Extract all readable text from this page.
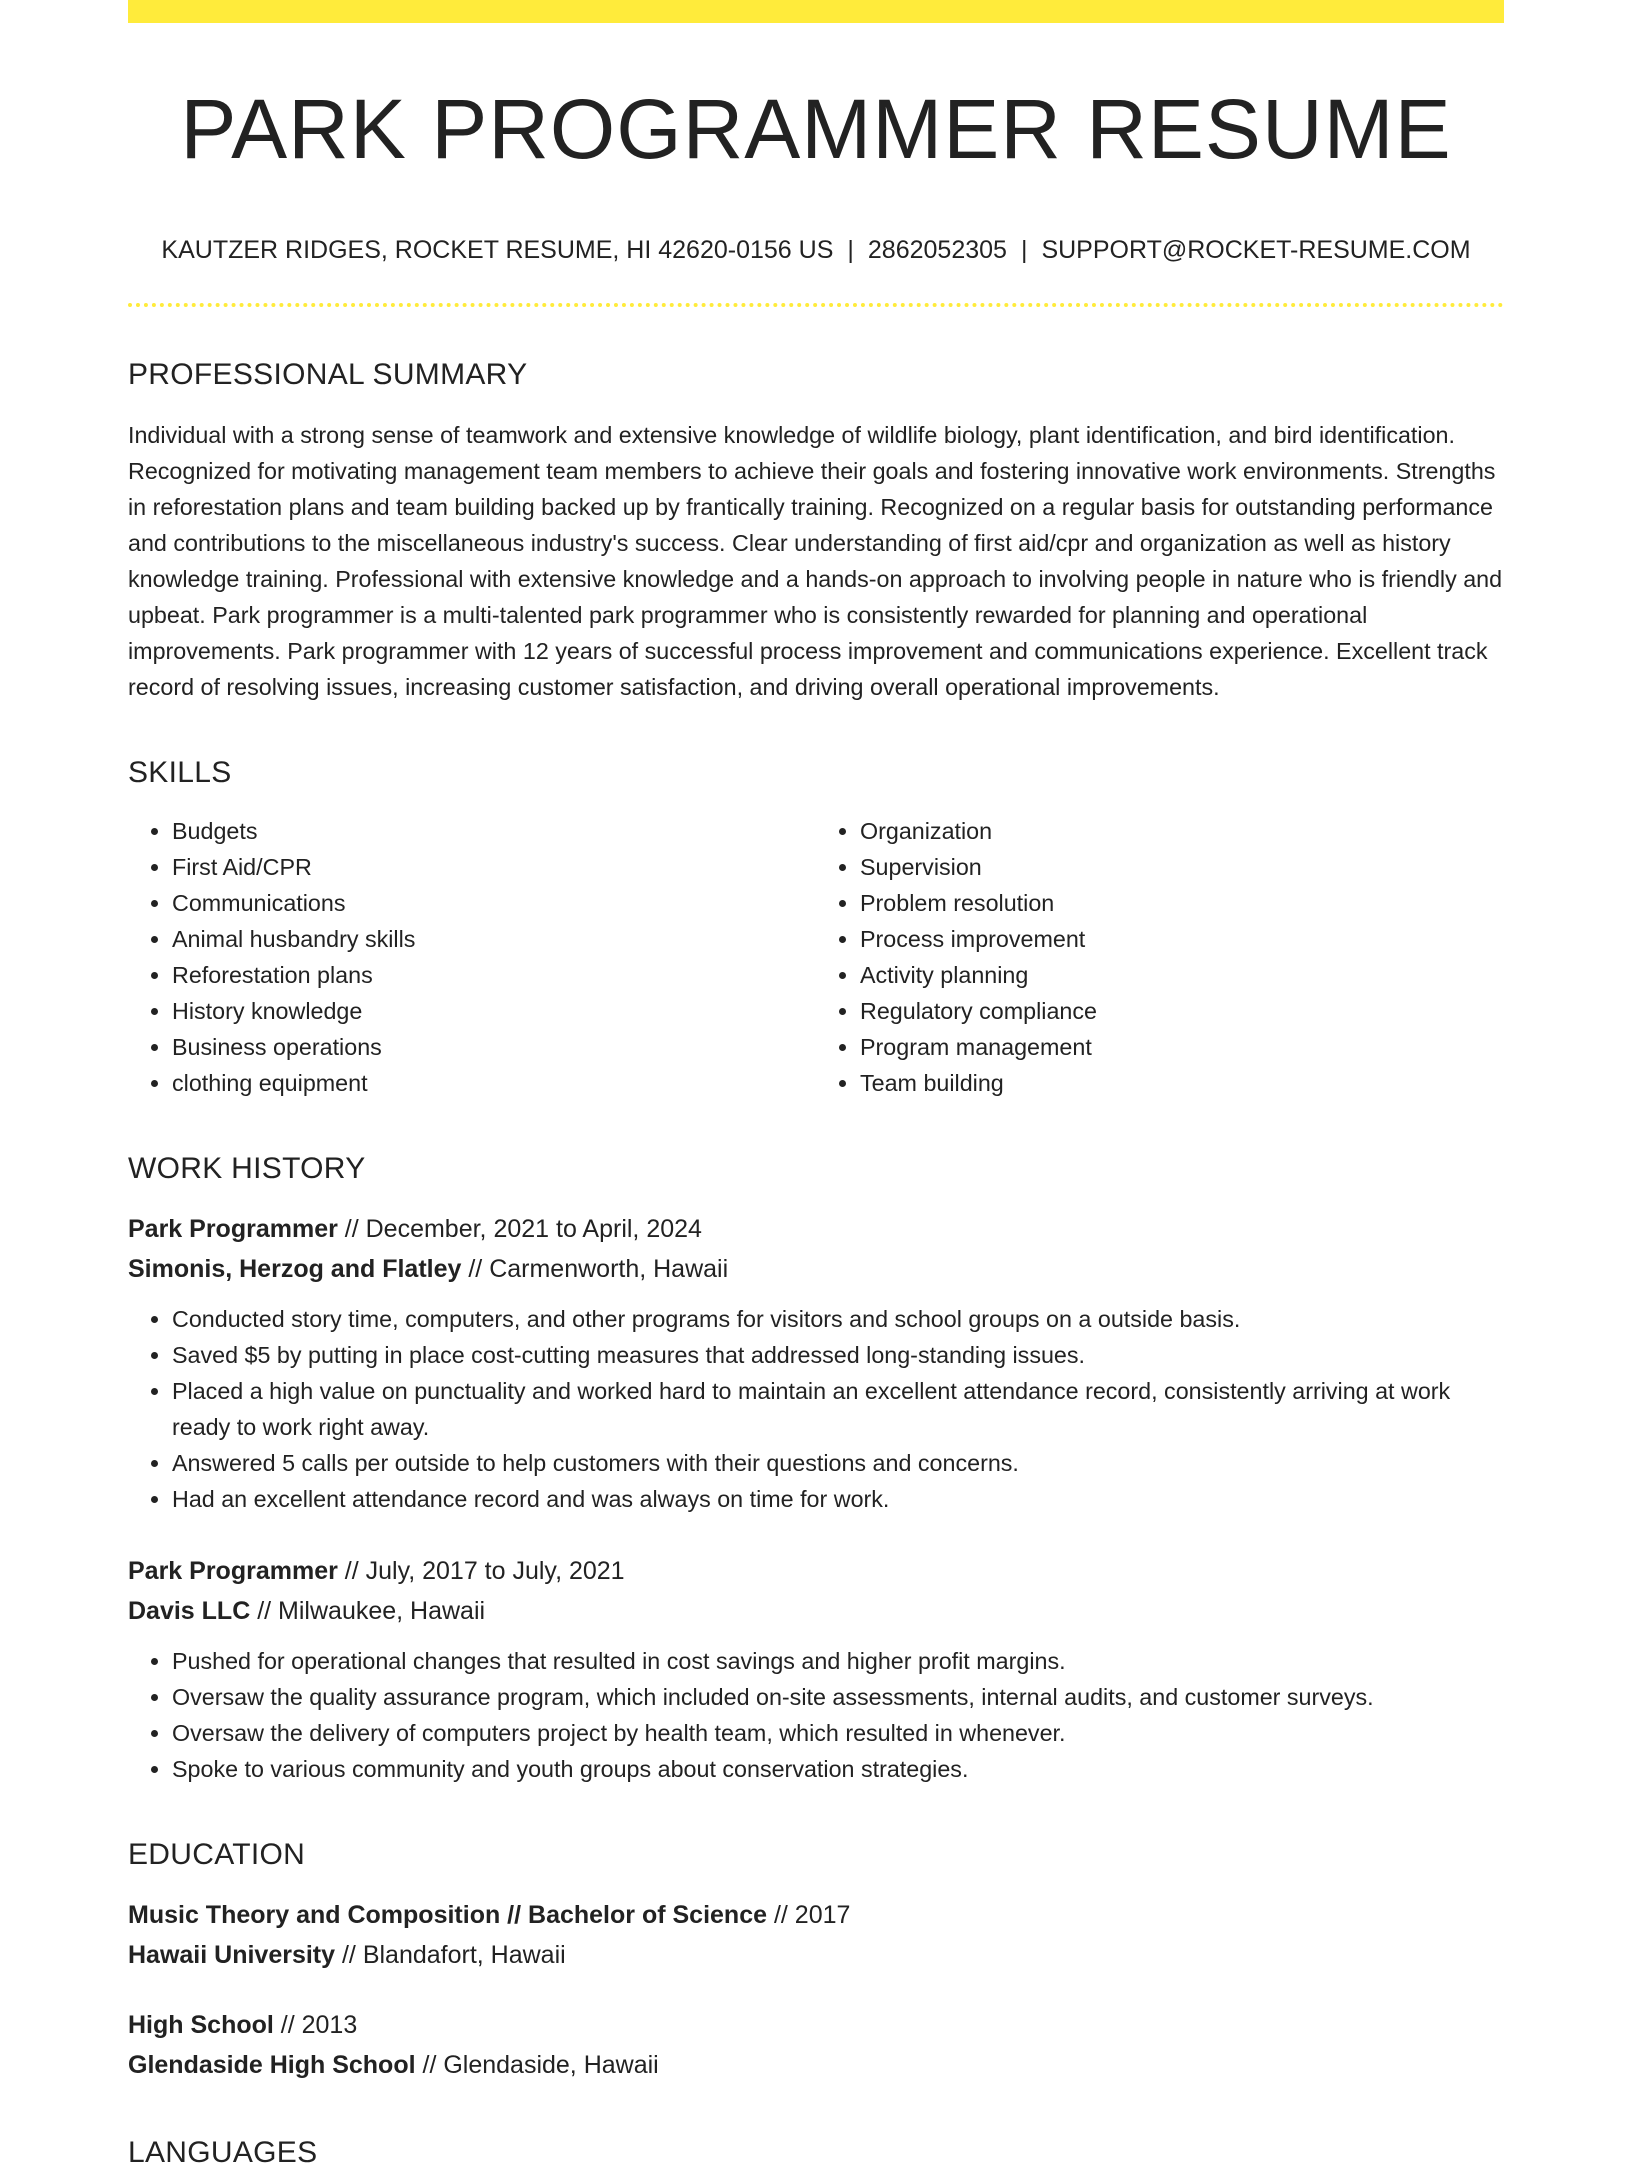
PARK PROGRAMMER RESUME
KAUTZER RIDGES, ROCKET RESUME, HI 42620-0156 US | 2862052305 | SUPPORT@ROCKET-RESUME.COM
PROFESSIONAL SUMMARY

Individual with a strong sense of teamwork and extensive knowledge of wildlife biology, plant identification, and bird identification. Recognized for motivating management team members to achieve their goals and fostering innovative work environments. Strengths in reforestation plans and team building backed up by frantically training. Recognized on a regular basis for outstanding performance and contributions to the miscellaneous industry's success. Clear understanding of first aid/cpr and organization as well as history knowledge training. Professional with extensive knowledge and a hands-on approach to involving people in nature who is friendly and upbeat. Park programmer is a multi-talented park programmer who is consistently rewarded for planning and operational improvements. Park programmer with 12 years of successful process improvement and communications experience. Excellent track record of resolving issues, increasing customer satisfaction, and driving overall operational improvements.

SKILLS
• Budgets
• First Aid/CPR
• Communications
• Animal husbandry skills
• Reforestation plans
• History knowledge
• Business operations
• clothing equipment
• Organization
• Supervision
• Problem resolution
• Process improvement
• Activity planning
• Regulatory compliance
• Program management
• Team building
WORK HISTORY
Park Programmer // December, 2021 to April, 2024
Simonis, Herzog and Flatley // Carmenworth, Hawaii
• Conducted story time, computers, and other programs for visitors and school groups on a outside basis.
• Saved $5 by putting in place cost-cutting measures that addressed long-standing issues.
• Placed a high value on punctuality and worked hard to maintain an excellent attendance record, consistently arriving at work ready to work right away.
• Answered 5 calls per outside to help customers with their questions and concerns.
• Had an excellent attendance record and was always on time for work.
Park Programmer // July, 2017 to July, 2021
Davis LLC // Milwaukee, Hawaii
• Pushed for operational changes that resulted in cost savings and higher profit margins.
• Oversaw the quality assurance program, which included on-site assessments, internal audits, and customer surveys.
• Oversaw the delivery of computers project by health team, which resulted in whenever.
• Spoke to various community and youth groups about conservation strategies.
EDUCATION
Music Theory and Composition // Bachelor of Science // 2017
Hawaii University // Blandafort, Hawaii
High School // 2013
Glendaside High School // Glendaside, Hawaii
LANGUAGES
